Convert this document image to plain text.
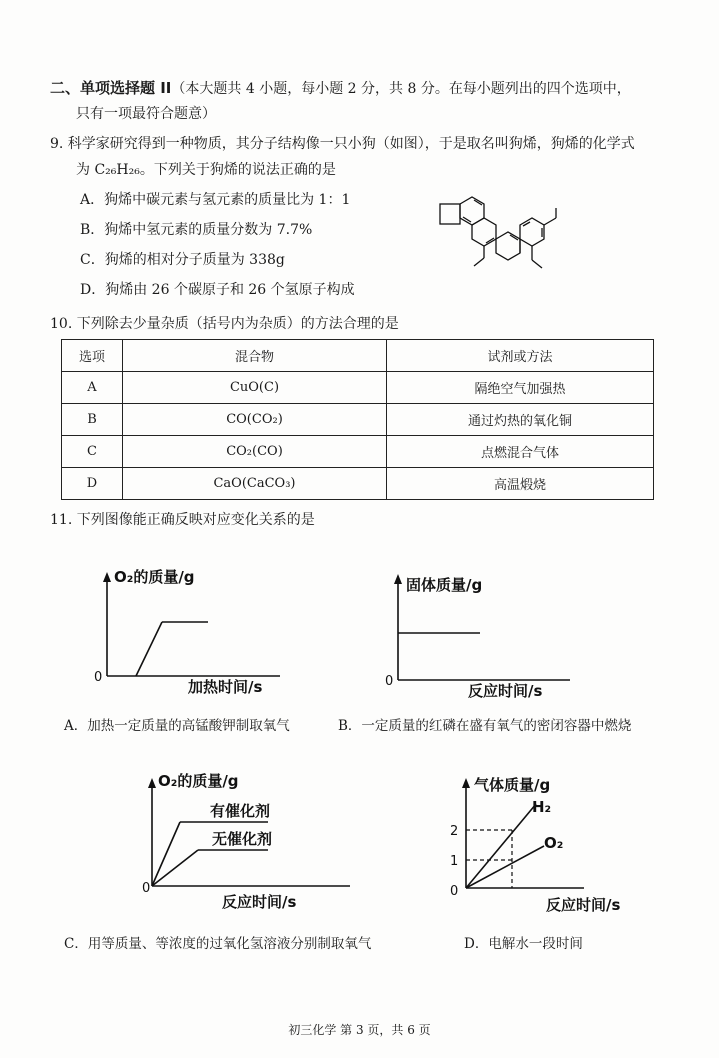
二、单项选择题 II（本大题共 4 小题，每小题 2 分，共 8 分。在每小题列出的四个选项中，
只有一项最符合题意）
9. 科学家研究得到一种物质，其分子结构像一只小狗（如图），于是取名叫狗烯，狗烯的化学式
为 C₂₆H₂₆。下列关于狗烯的说法正确的是
A．狗烯中碳元素与氢元素的质量比为 1：1
B．狗烯中氢元素的质量分数为 7.7%
C．狗烯的相对分子质量为 338g
D．狗烯由 26 个碳原子和 26 个氢原子构成
10. 下列除去少量杂质（括号内为杂质）的方法合理的是
选项	混合物	试剂或方法
A	CuO(C)	隔绝空气加强热
B	CO(CO₂)	通过灼热的氧化铜
C	CO₂(CO)	点燃混合气体
D	CaO(CaCO₃)	高温煅烧
11. 下列图像能正确反映对应变化关系的是
O₂的质量/g
0
加热时间/s
A．加热一定质量的高锰酸钾制取氧气
固体质量/g
0
反应时间/s
B．一定质量的红磷在盛有氧气的密闭容器中燃烧
O₂的质量/g
有催化剂
无催化剂
0
反应时间/s
C．用等质量、等浓度的过氧化氢溶液分别制取氧气
气体质量/g
2
1
0
H₂
O₂
反应时间/s
D．电解水一段时间
初三化学 第 3 页，共 6 页
